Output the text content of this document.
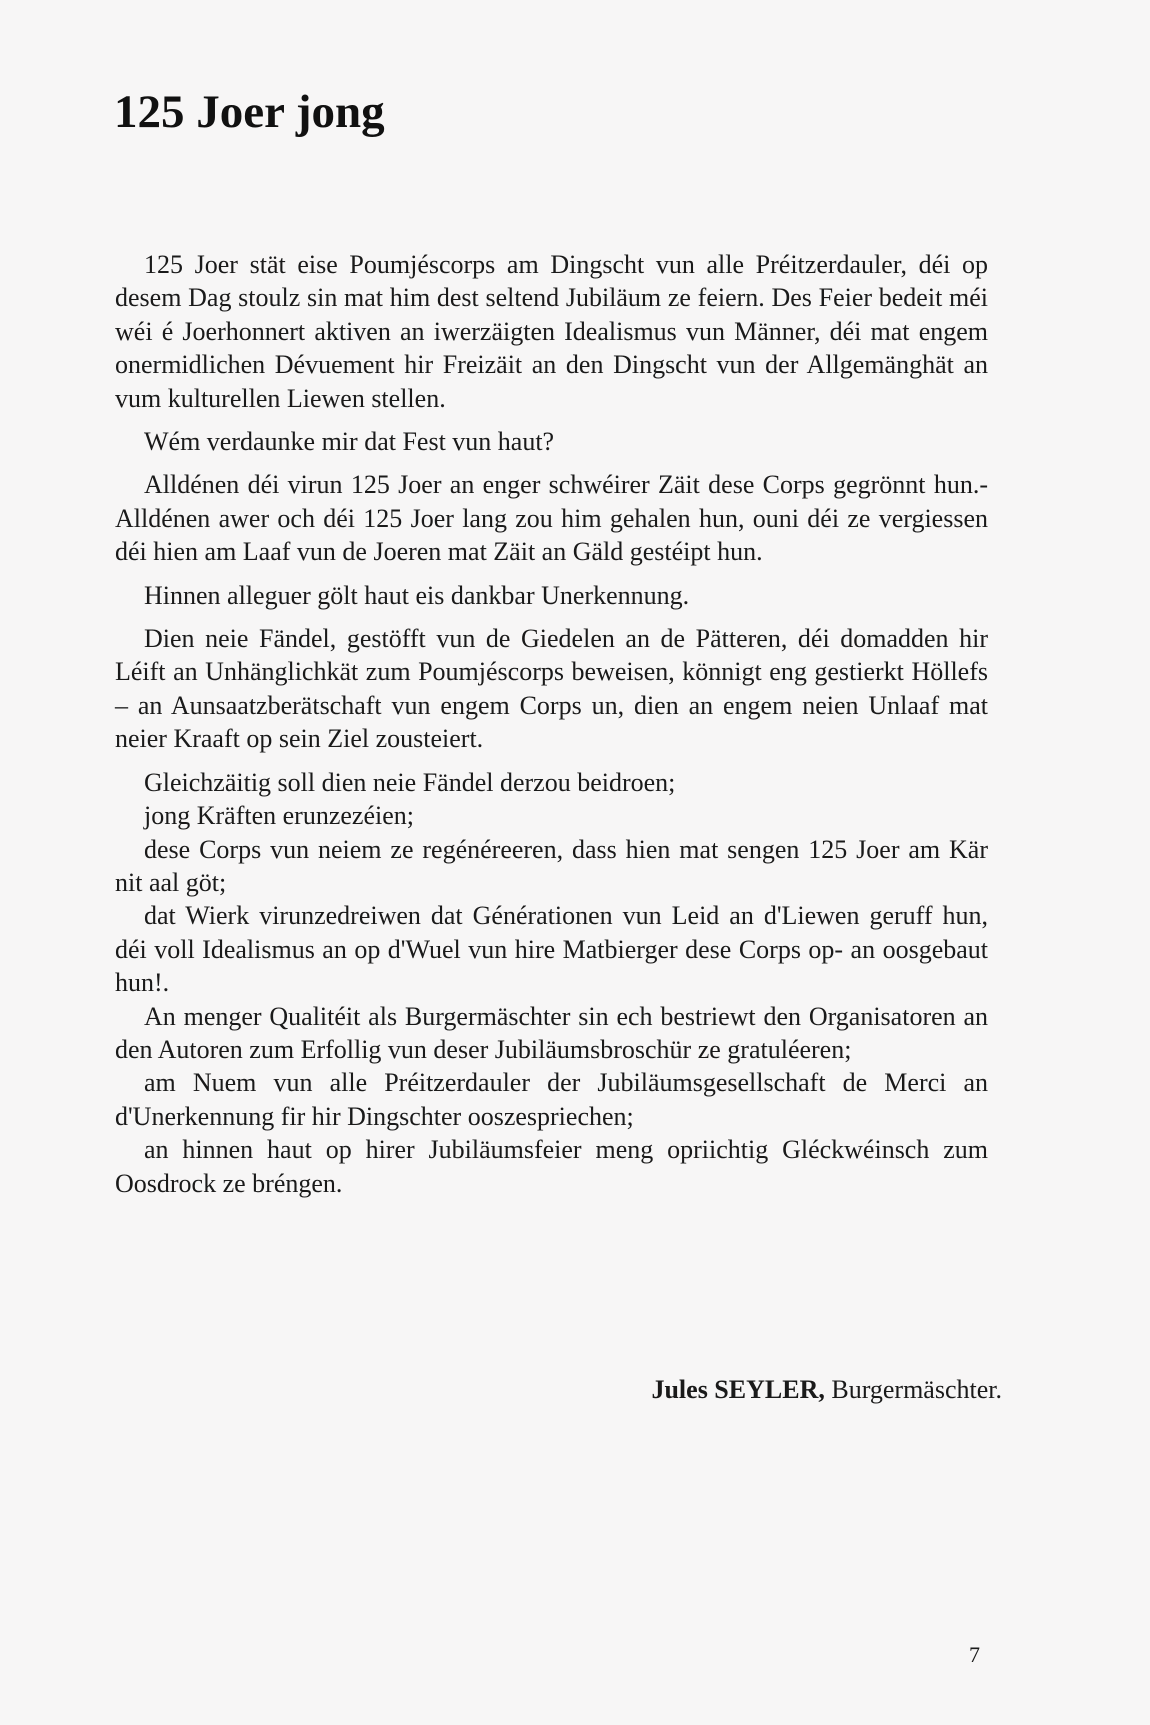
125 Joer jong

125 Joer stät eise Poumjéscorps am Dingscht vun alle Préitzerdauler, déi op desem Dag stoulz sin mat him dest seltend Jubiläum ze feiern. Des Feier bedeit méi wéi é Joerhonnert aktiven an iwerzäigten Idealismus vun Männer, déi mat engem onermidlichen Dévuement hir Freizäit an den Dingscht vun der Allgemänghät an vum kulturellen Liewen stellen.

Wém verdaunke mir dat Fest vun haut?

Alldénen déi virun 125 Joer an enger schwéirer Zäit dese Corps gegrönnt hun.- Alldénen awer och déi 125 Joer lang zou him gehalen hun, ouni déi ze vergiessen déi hien am Laaf vun de Joeren mat Zäit an Gäld gestéipt hun.

Hinnen alleguer gölt haut eis dankbar Unerkennung.

Dien neie Fändel, gestöfft vun de Giedelen an de Pätteren, déi domadden hir Léift an Unhänglichkät zum Poumjéscorps beweisen, könnigt eng gestierkt Höllefs – an Aunsaatzberätschaft vun engem Corps un, dien an engem neien Unlaaf mat neier Kraaft op sein Ziel zousteiert.

Gleichzäitig soll dien neie Fändel derzou beidroen;

jong Kräften erunzezéien;

dese Corps vun neiem ze regénéreeren, dass hien mat sengen 125 Joer am Kär nit aal göt;

dat Wierk virunzedreiwen dat Générationen vun Leid an d'Liewen geruff hun, déi voll Idealismus an op d'Wuel vun hire Matbierger dese Corps op- an oosgebaut hun!.

An menger Qualitéit als Burgermäschter sin ech bestriewt den Organisatoren an den Autoren zum Erfollig vun deser Jubiläumsbroschür ze gratuléeren;

am Nuem vun alle Préitzerdauler der Jubiläumsgesellschaft de Merci an d'Unerkennung fir hir Dingschter ooszespriechen;

an hinnen haut op hirer Jubiläumsfeier meng opriichtig Gléckwéinsch zum Oosdrock ze bréngen.

Jules SEYLER, Burgermäschter.
7
